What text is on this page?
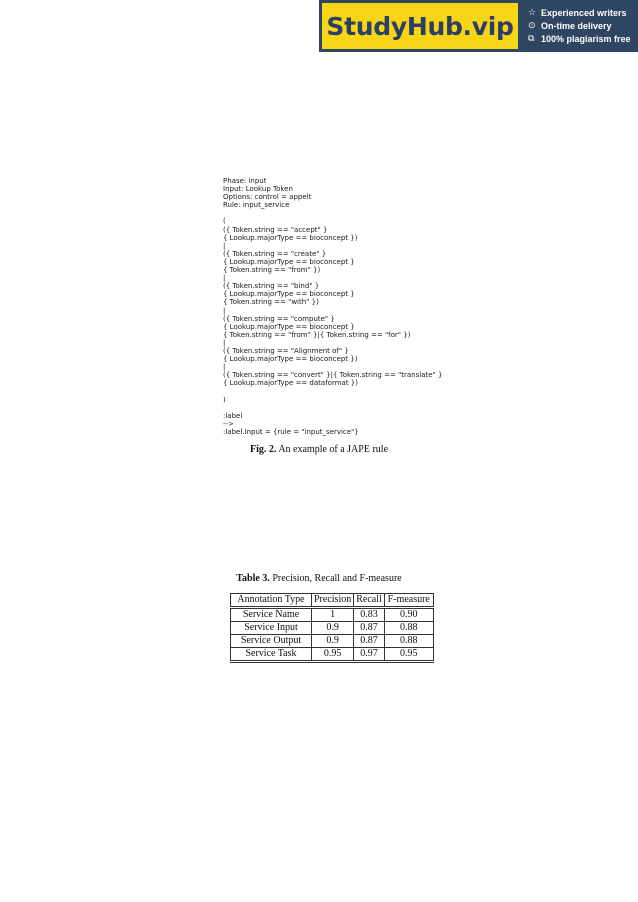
StudyHub.vip	☆ Experienced writers
⊙ On-time delivery
⧉ 100% plagiarism free
Phase: input
Input: Lookup Token
Options: control = appelt
Rule: input_service

(
({ Token.string == "accept" }
{ Lookup.majorType == bioconcept })
|
({ Token.string == "create" }
{ Lookup.majorType == bioconcept }
{ Token.string == "from" })
|
({ Token.string == "bind" }
{ Lookup.majorType == bioconcept }
{ Token.string == "with" })
|
({ Token.string == "compute" }
{ Lookup.majorType == bioconcept }
{ Token.string == "from" }|{ Token.string == "for" })
|
({ Token.string == "Alignment of" }
{ Lookup.majorType == bioconcept })
|
({ Token.string == "convert" }|{ Token.string == "translate" }
{ Lookup.majorType == dataformat })

)

:label
-->
:label.Input = {rule = "input_service"}

Fig. 2. An example of a JAPE rule
Table 3. Precision, Recall and F-measure
Annotation Type	Precision	Recall	F-measure
Service Name	1	0.83	0.90
Service Input	0.9	0.87	0.88
Service Output	0.9	0.87	0.88
Service Task	0.95	0.97	0.95
